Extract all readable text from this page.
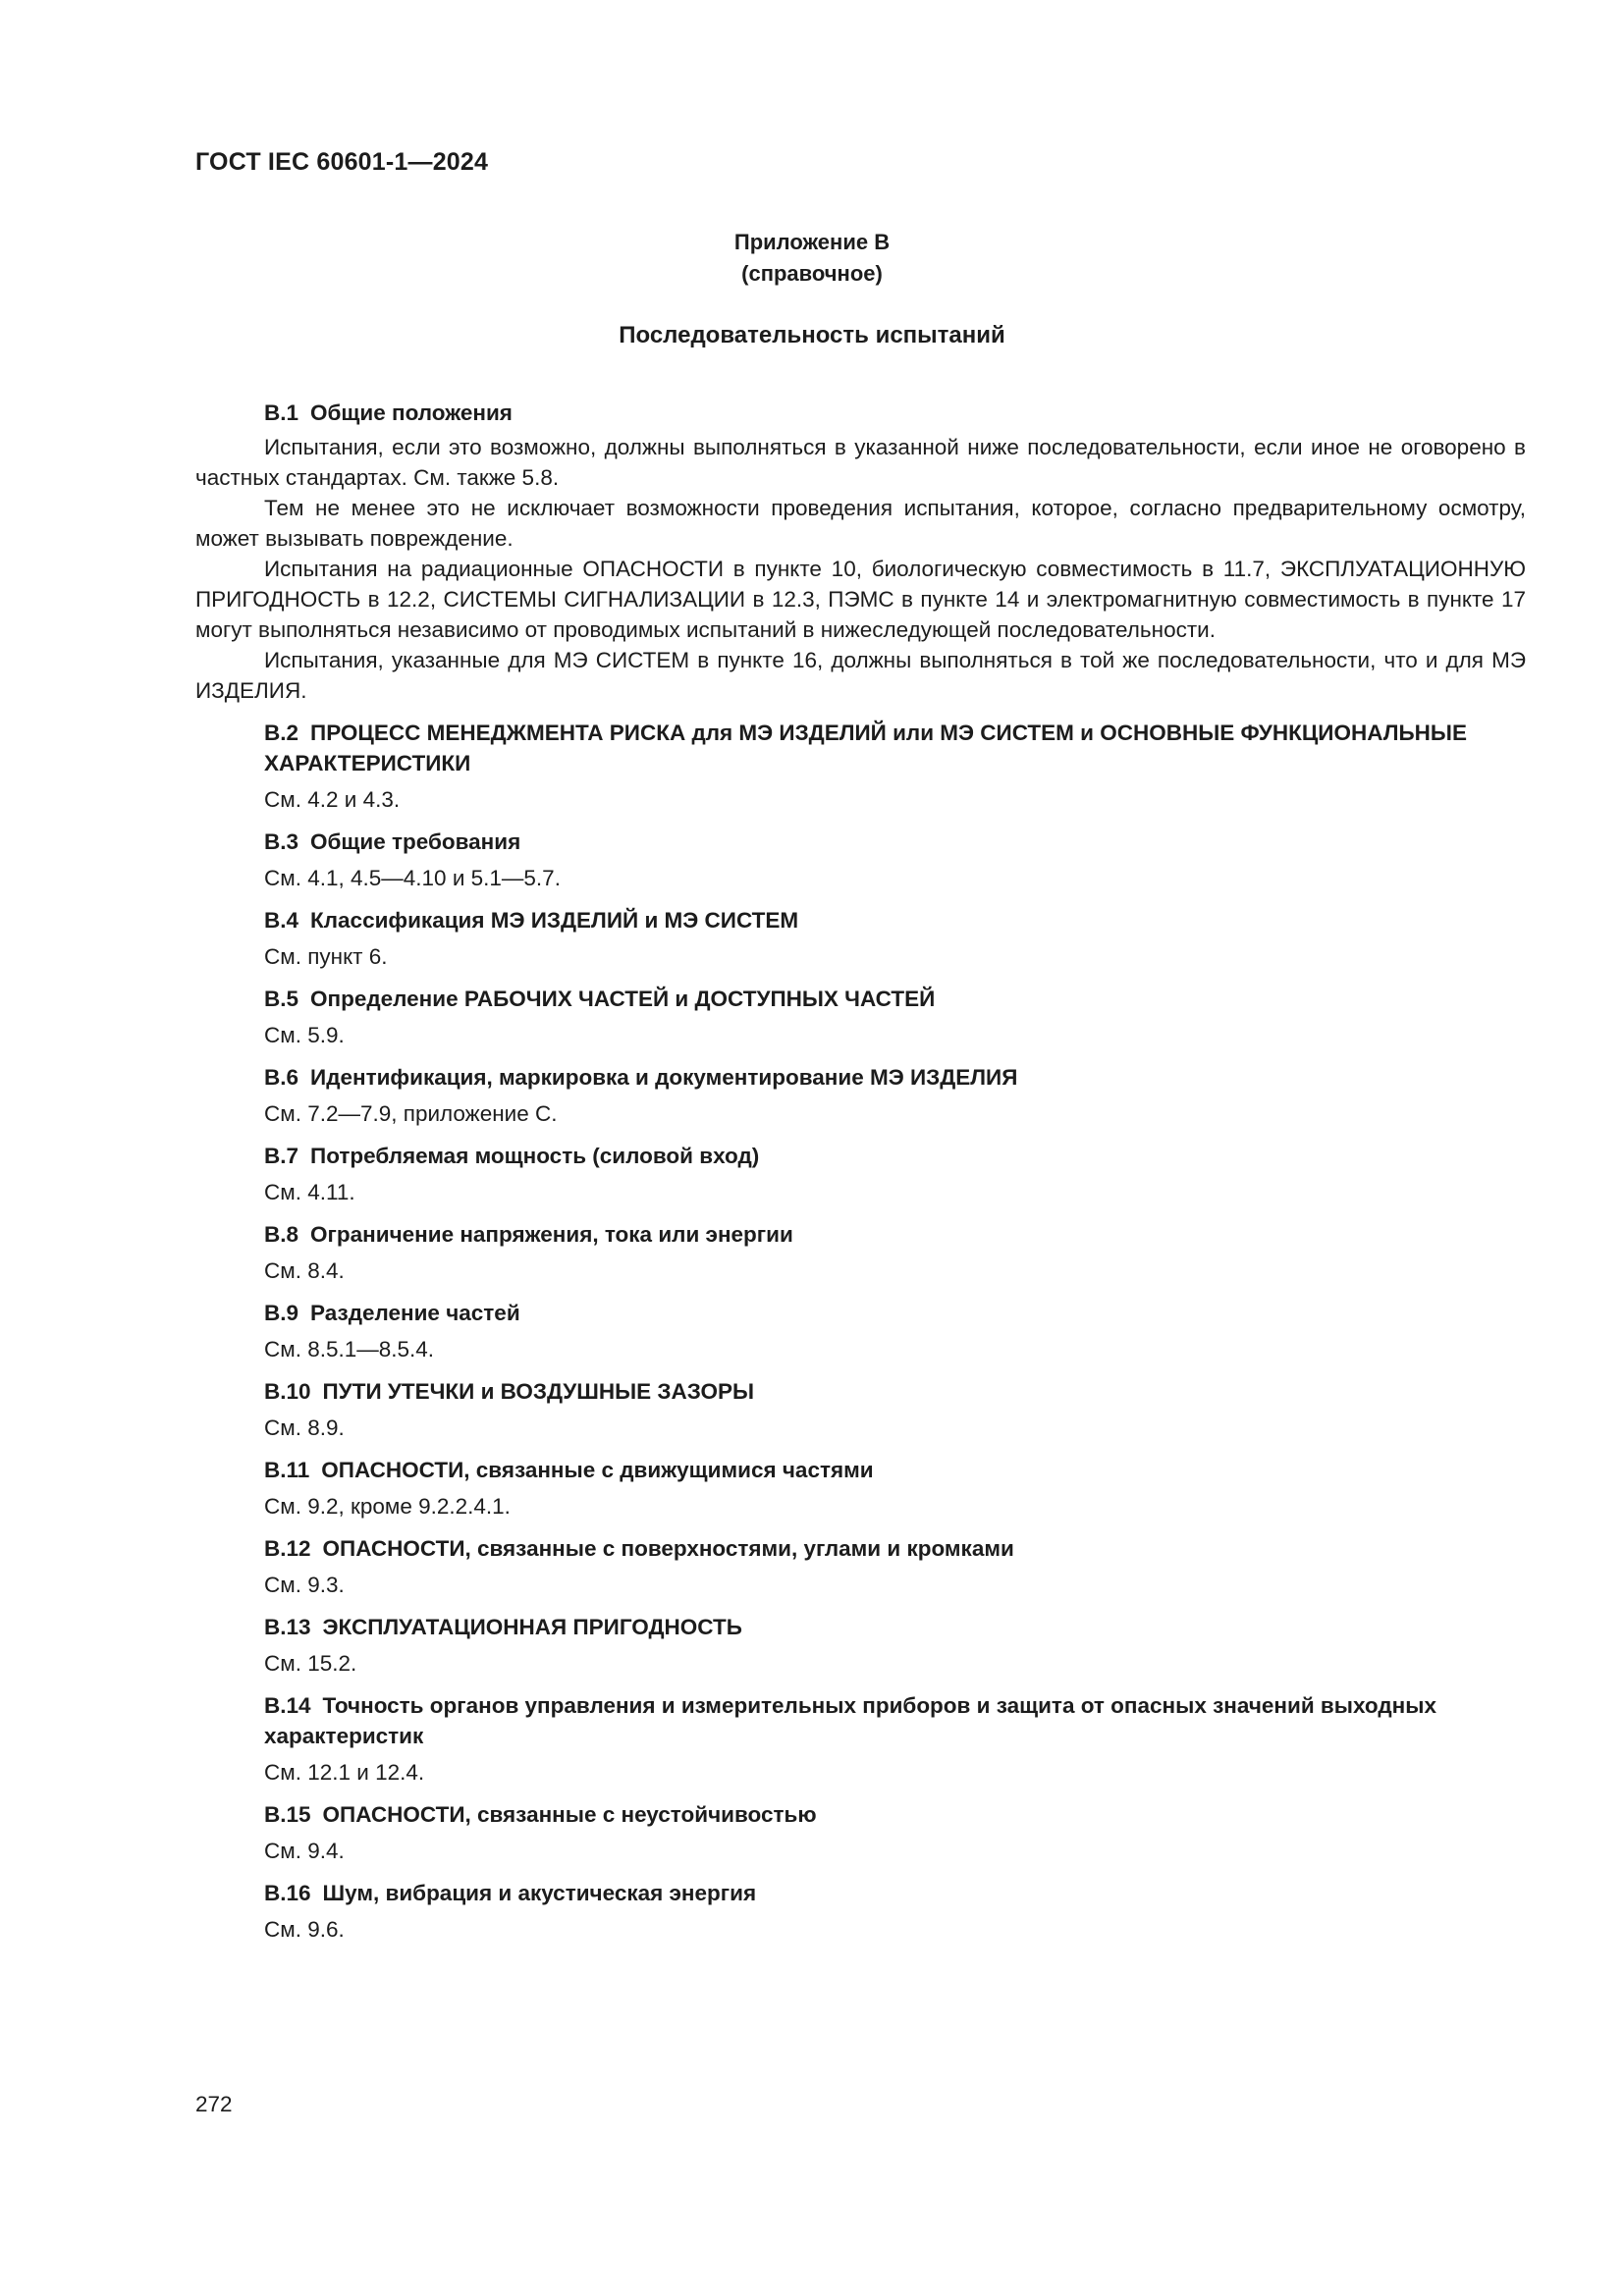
ГОСТ IEC 60601-1—2024
Приложение В
(справочное)
Последовательность испытаний
В.1 Общие положения

Испытания, если это возможно, должны выполняться в указанной ниже последовательности, если иное не оговорено в частных стандартах. См. также 5.8.

Тем не менее это не исключает возможности проведения испытания, которое, согласно предварительному осмотру, может вызывать повреждение.

Испытания на радиационные ОПАСНОСТИ в пункте 10, биологическую совместимость в 11.7, ЭКСПЛУАТАЦИОННУЮ ПРИГОДНОСТЬ в 12.2, СИСТЕМЫ СИГНАЛИЗАЦИИ в 12.3, ПЭМС в пункте 14 и электромагнитную совместимость в пункте 17 могут выполняться независимо от проводимых испытаний в нижеследующей последовательности.

Испытания, указанные для МЭ СИСТЕМ в пункте 16, должны выполняться в той же последовательности, что и для МЭ ИЗДЕЛИЯ.

В.2 ПРОЦЕСС МЕНЕДЖМЕНТА РИСКА для МЭ ИЗДЕЛИЙ или МЭ СИСТЕМ и ОСНОВНЫЕ ФУНКЦИОНАЛЬНЫЕ ХАРАКТЕРИСТИКИ

См. 4.2 и 4.3.

В.3 Общие требования

См. 4.1, 4.5—4.10 и 5.1—5.7.

В.4 Классификация МЭ ИЗДЕЛИЙ и МЭ СИСТЕМ

См. пункт 6.

В.5 Определение РАБОЧИХ ЧАСТЕЙ и ДОСТУПНЫХ ЧАСТЕЙ

См. 5.9.

В.6 Идентификация, маркировка и документирование МЭ ИЗДЕЛИЯ

См. 7.2—7.9, приложение С.

В.7 Потребляемая мощность (силовой вход)

См. 4.11.

В.8 Ограничение напряжения, тока или энергии

См. 8.4.

В.9 Разделение частей

См. 8.5.1—8.5.4.

В.10 ПУТИ УТЕЧКИ и ВОЗДУШНЫЕ ЗАЗОРЫ

См. 8.9.

В.11 ОПАСНОСТИ, связанные с движущимися частями

См. 9.2, кроме 9.2.2.4.1.

В.12 ОПАСНОСТИ, связанные с поверхностями, углами и кромками

См. 9.3.

В.13 ЭКСПЛУАТАЦИОННАЯ ПРИГОДНОСТЬ

См. 15.2.

В.14 Точность органов управления и измерительных приборов и защита от опасных значений выходных характеристик

См. 12.1 и 12.4.

В.15 ОПАСНОСТИ, связанные с неустойчивостью

См. 9.4.

В.16 Шум, вибрация и акустическая энергия

См. 9.6.

272
